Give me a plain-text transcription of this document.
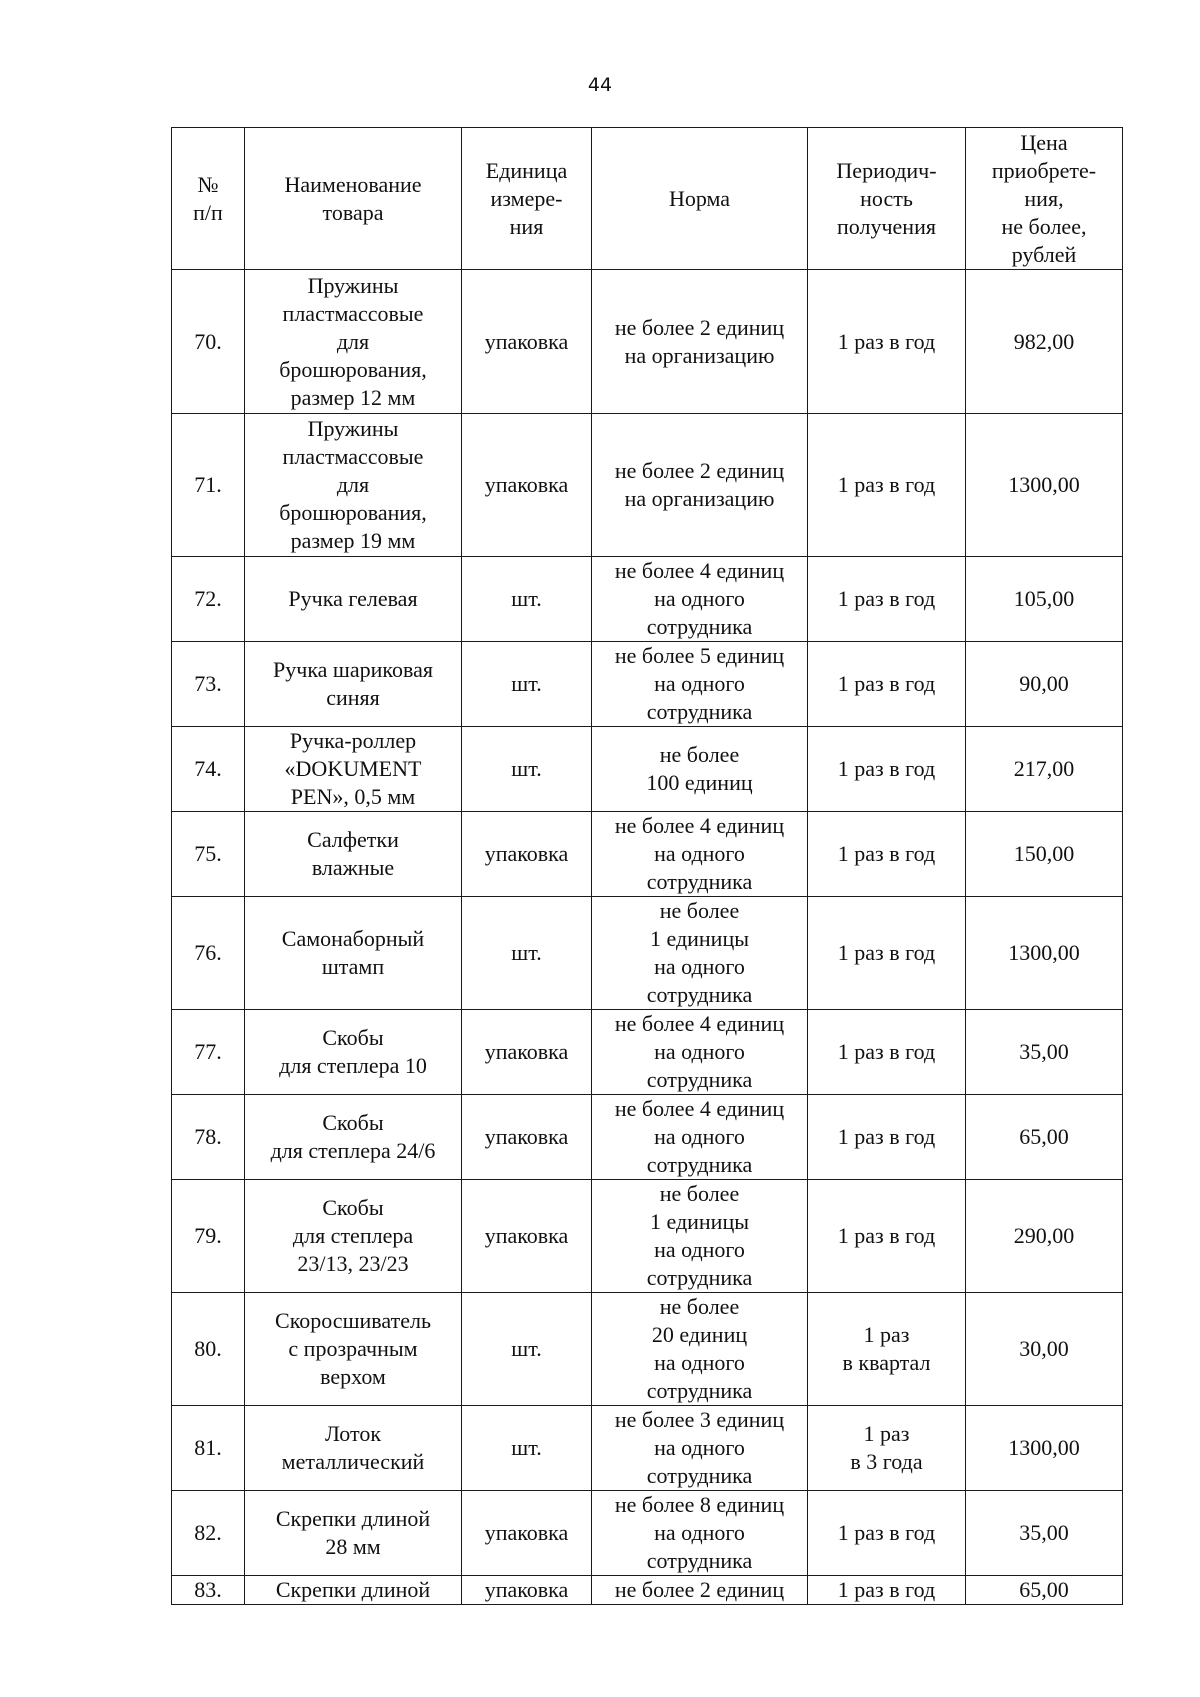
44
№
п/п	Наименование
товара	Единица
измере-
ния	Норма	Периодич-
ность
получения	Цена
приобрете-
ния,
не более,
рублей

70.	Пружины
пластмассовые
для
брошюрования,
размер 12 мм	упаковка	не более 2 единиц
на организацию	1 раз в год	982,00

71.	Пружины
пластмассовые
для
брошюрования,
размер 19 мм	упаковка	не более 2 единиц
на организацию	1 раз в год	1300,00

72.	Ручка гелевая	шт.	не более 4 единиц
на одного
сотрудника	1 раз в год	105,00

73.	Ручка шариковая
синяя	шт.	не более 5 единиц
на одного
сотрудника	1 раз в год	90,00

74.	Ручка-роллер
«DOKUMENT
PEN», 0,5 мм	шт.	не более
100 единиц	1 раз в год	217,00

75.	Салфетки
влажные	упаковка	не более 4 единиц
на одного
сотрудника	1 раз в год	150,00

76.	Самонаборный
штамп	шт.	не более
1 единицы
на одного
сотрудника	1 раз в год	1300,00

77.	Скобы
для степлера 10	упаковка	не более 4 единиц
на одного
сотрудника	1 раз в год	35,00

78.	Скобы
для степлера 24/6	упаковка	не более 4 единиц
на одного
сотрудника	1 раз в год	65,00

79.	Скобы
для степлера
23/13, 23/23	упаковка	не более
1 единицы
на одного
сотрудника	1 раз в год	290,00

80.	Скоросшиватель
с прозрачным
верхом	шт.	не более
20 единиц
на одного
сотрудника	1 раз
в квартал	30,00

81.	Лоток
металлический	шт.	не более 3 единиц
на одного
сотрудника	1 раз
в 3 года	1300,00

82.	Скрепки длиной
28 мм	упаковка	не более 8 единиц
на одного
сотрудника	1 раз в год	35,00

83.	Скрепки длиной	упаковка	не более 2 единиц	1 раз в год	65,00
